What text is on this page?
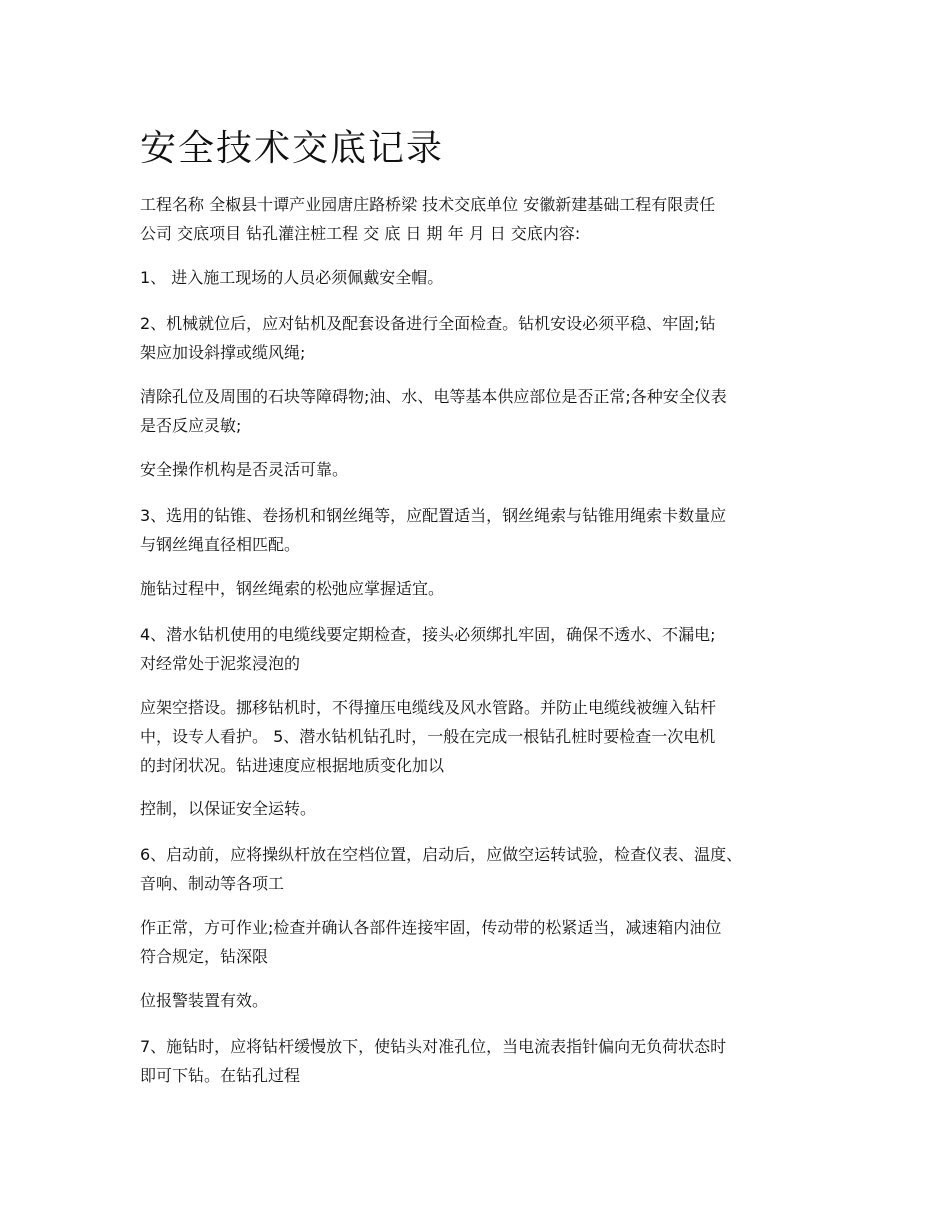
安全技术交底记录

工程名称 全椒县十谭产业园唐庄路桥梁 技术交底单位 安徽新建基础工程有限责任
公司 交底项目 钻孔灌注桩工程 交 底 日 期 年 月 日 交底内容:

1、 进入施工现场的人员必须佩戴安全帽。

2、机械就位后，应对钻机及配套设备进行全面检查。钻机安设必须平稳、牢固;钻
架应加设斜撑或缆风绳;

清除孔位及周围的石块等障碍物;油、水、电等基本供应部位是否正常;各种安全仪表
是否反应灵敏;

安全操作机构是否灵活可靠。

3、选用的钻锥、卷扬机和钢丝绳等，应配置适当，钢丝绳索与钻锥用绳索卡数量应
与钢丝绳直径相匹配。

施钻过程中，钢丝绳索的松弛应掌握适宜。

4、潜水钻机使用的电缆线要定期检查，接头必须绑扎牢固，确保不透水、不漏电;
对经常处于泥浆浸泡的

应架空搭设。挪移钻机时，不得撞压电缆线及风水管路。并防止电缆线被缠入钻杆
中，设专人看护。 5、潜水钻机钻孔时，一般在完成一根钻孔桩时要检查一次电机
的封闭状况。钻进速度应根据地质变化加以

控制，以保证安全运转。

6、启动前，应将操纵杆放在空档位置，启动后，应做空运转试验，检查仪表、温度、
音响、制动等各项工

作正常，方可作业;检查并确认各部件连接牢固，传动带的松紧适当，减速箱内油位
符合规定，钻深限

位报警装置有效。

7、施钻时，应将钻杆缓慢放下，使钻头对准孔位，当电流表指针偏向无负荷状态时
即可下钻。在钻孔过程
